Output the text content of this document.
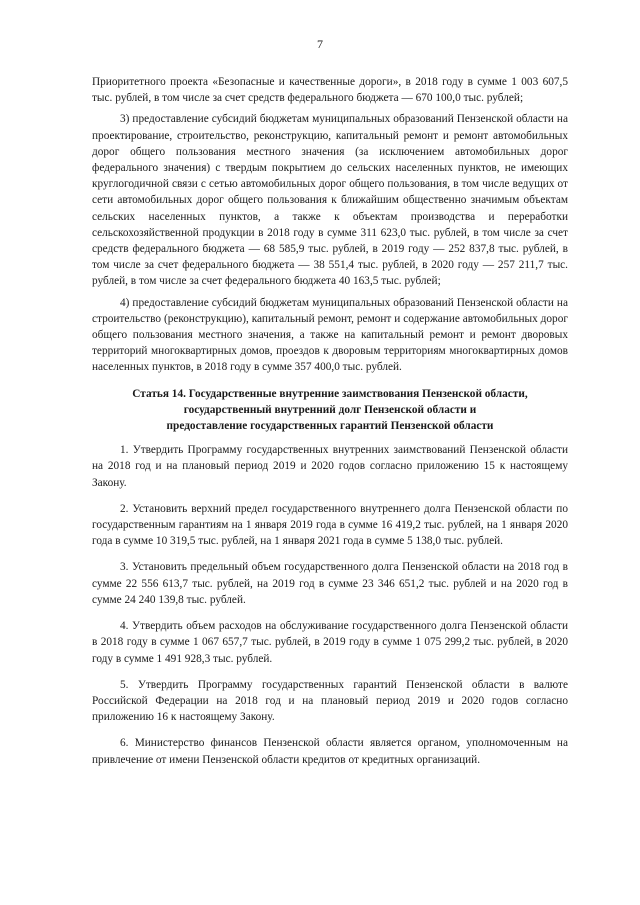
7

Приоритетного проекта «Безопасные и качественные дороги», в 2018 году в сумме 1 003 607,5 тыс. рублей, в том числе за счет средств федерального бюджета — 670 100,0 тыс. рублей;

3) предоставление субсидий бюджетам муниципальных образований Пензенской области на проектирование, строительство, реконструкцию, капитальный ремонт и ремонт автомобильных дорог общего пользования местного значения (за исключением автомобильных дорог федерального значения) с твердым покрытием до сельских населенных пунктов, не имеющих круглогодичной связи с сетью автомобильных дорог общего пользования, в том числе ведущих от сети автомобильных дорог общего пользования к ближайшим общественно значимым объектам сельских населенных пунктов, а также к объектам производства и переработки сельскохозяйственной продукции в 2018 году в сумме 311 623,0 тыс. рублей, в том числе за счет средств федерального бюджета — 68 585,9 тыс. рублей, в 2019 году — 252 837,8 тыс. рублей, в том числе за счет федерального бюджета — 38 551,4 тыс. рублей, в 2020 году — 257 211,7 тыс. рублей, в том числе за счет федерального бюджета 40 163,5 тыс. рублей;

4) предоставление субсидий бюджетам муниципальных образований Пензенской области на строительство (реконструкцию), капитальный ремонт, ремонт и содержание автомобильных дорог общего пользования местного значения, а также на капитальный ремонт и ремонт дворовых территорий многоквартирных домов, проездов к дворовым территориям многоквартирных домов населенных пунктов, в 2018 году в сумме 357 400,0 тыс. рублей.

Статья 14. Государственные внутренние заимствования Пензенской области,
государственный внутренний долг Пензенской области и
предоставление государственных гарантий Пензенской области

1. Утвердить Программу государственных внутренних заимствований Пензенской области на 2018 год и на плановый период 2019 и 2020 годов согласно приложению 15 к настоящему Закону.

2. Установить верхний предел государственного внутреннего долга Пензенской области по государственным гарантиям на 1 января 2019 года в сумме 16 419,2 тыс. рублей, на 1 января 2020 года в сумме 10 319,5 тыс. рублей, на 1 января 2021 года в сумме 5 138,0 тыс. рублей.

3. Установить предельный объем государственного долга Пензенской области на 2018 год в сумме 22 556 613,7 тыс. рублей, на 2019 год в сумме 23 346 651,2 тыс. рублей и на 2020 год в сумме 24 240 139,8 тыс. рублей.

4. Утвердить объем расходов на обслуживание государственного долга Пензенской области в 2018 году в сумме 1 067 657,7 тыс. рублей, в 2019 году в сумме 1 075 299,2 тыс. рублей, в 2020 году в сумме 1 491 928,3 тыс. рублей.

5. Утвердить Программу государственных гарантий Пензенской области в валюте Российской Федерации на 2018 год и на плановый период 2019 и 2020 годов согласно приложению 16 к настоящему Закону.

6. Министерство финансов Пензенской области является органом, уполномоченным на привлечение от имени Пензенской области кредитов от кредитных организаций.
